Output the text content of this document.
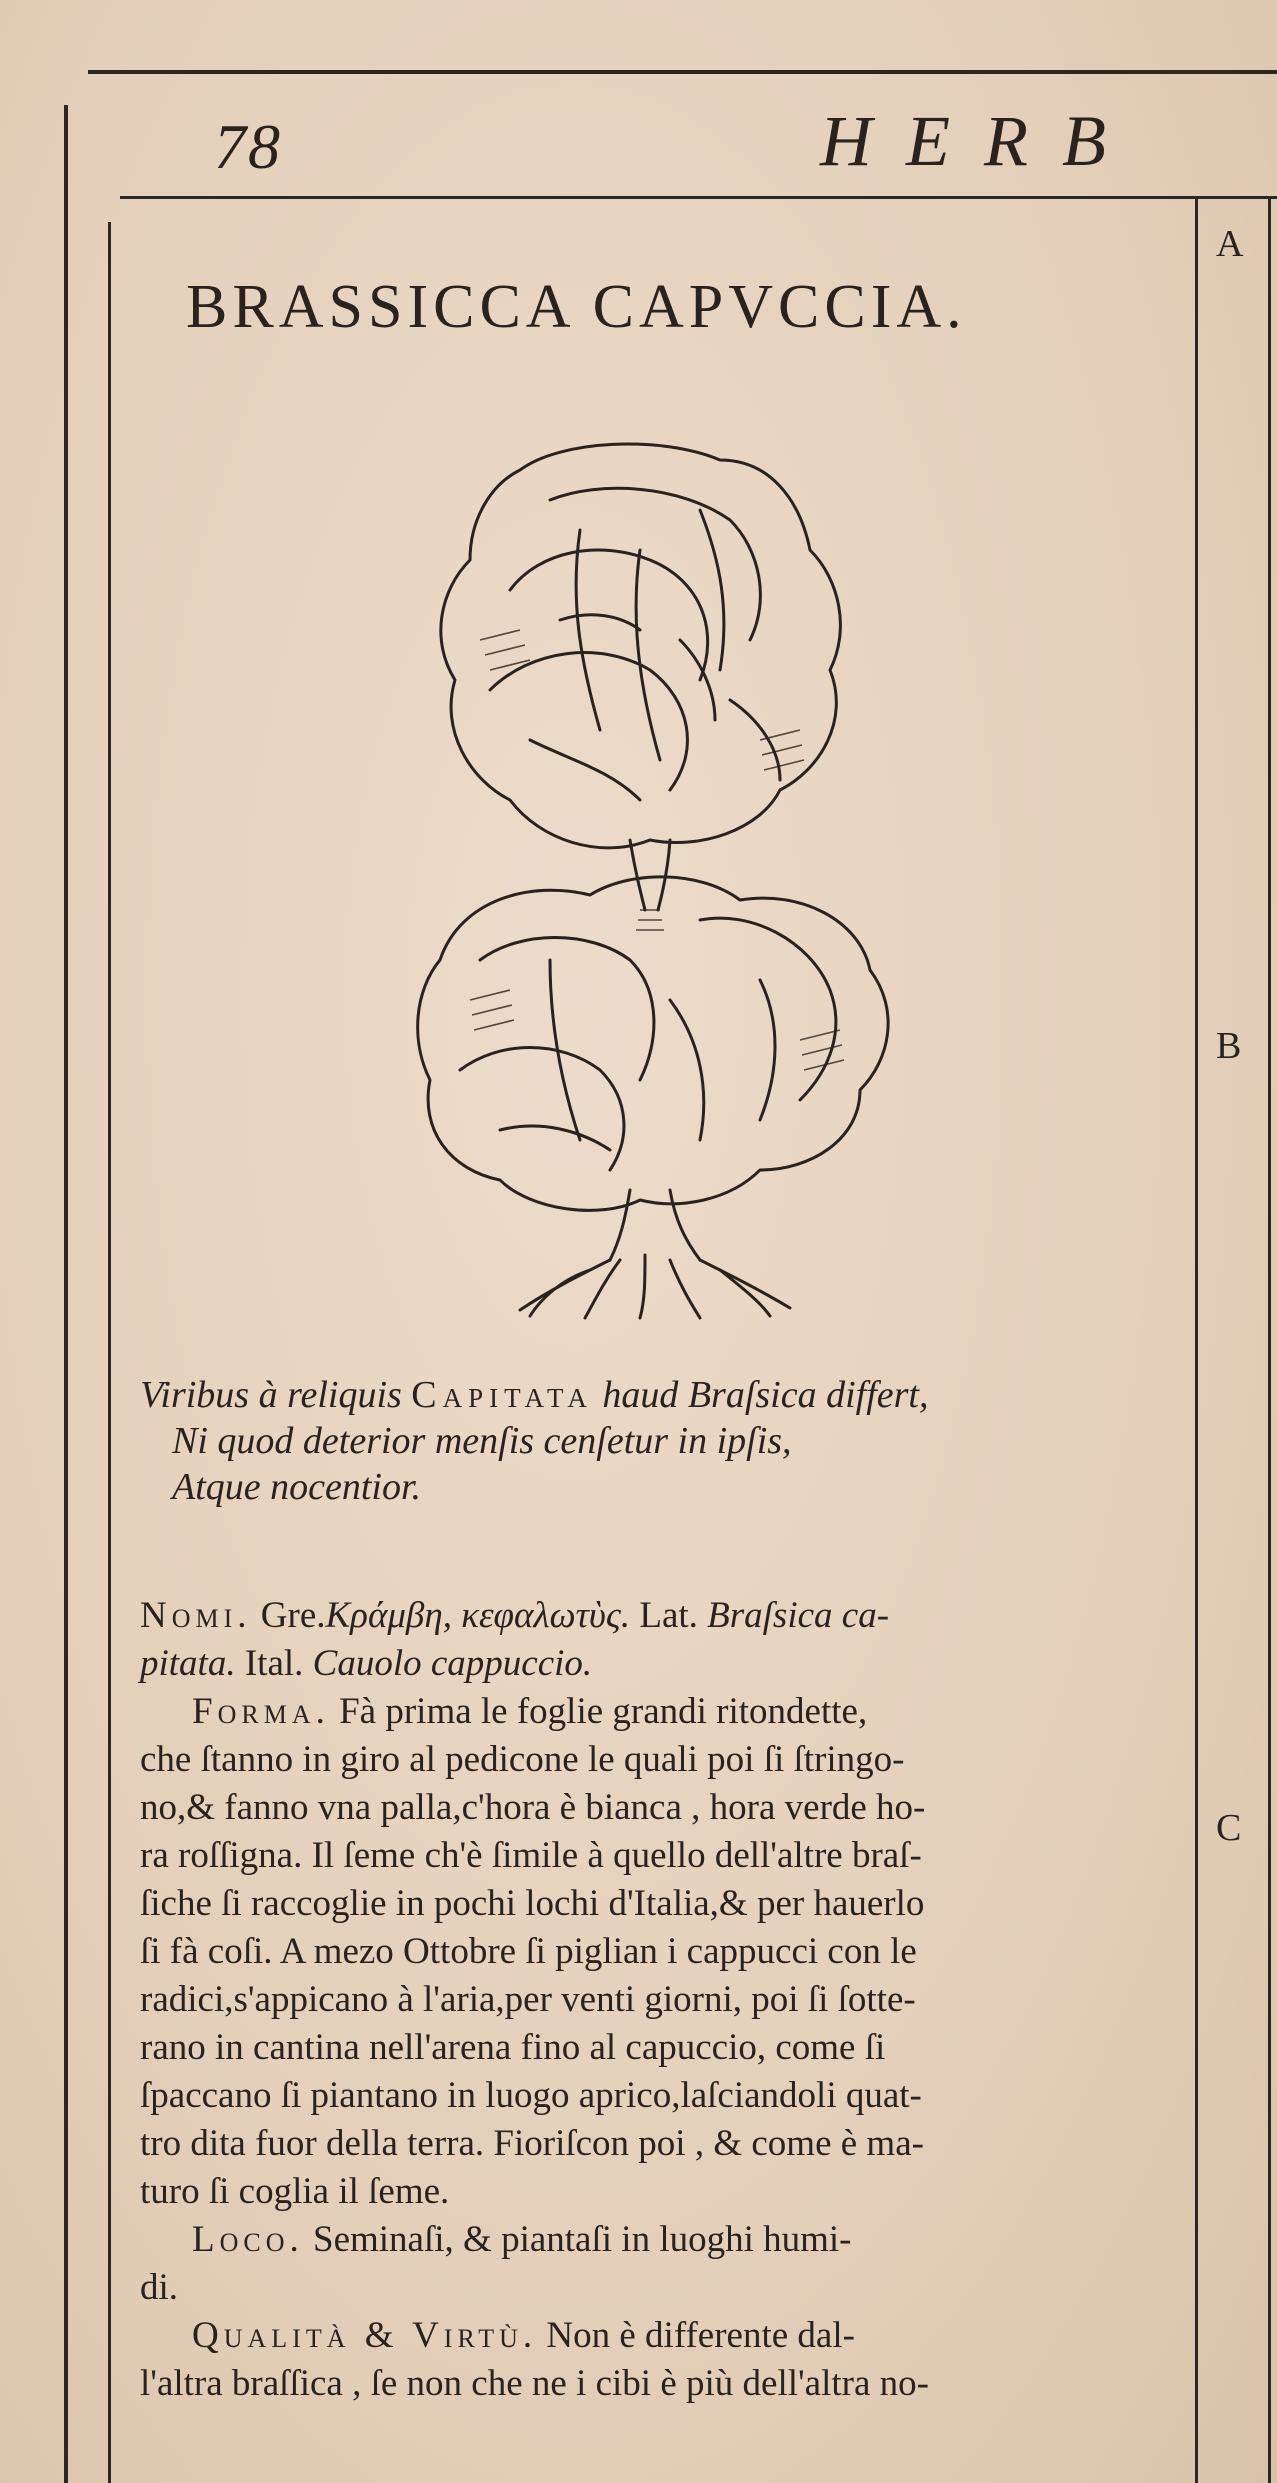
78	HERB
A
B
C
BRASSICCA CAPVCCIA.
Viribus à reliquis Capitata haud Braſsica differt,
Ni quod deterior menſis cenſetur in ipſis,
Atque nocentior.
Nomi. Gre.Κράμβη, κεφαλωτὺς. Lat. Braſsica ca-
pitata. Ital. Cauolo cappuccio.
Forma. Fà prima le foglie grandi ritondette,
che ſtanno in giro al pedicone le quali poi ſi ſtringo-
no,& fanno vna palla,c'hora è bianca , hora verde ho-
ra roſſigna. Il ſeme ch'è ſimile à quello dell'altre braſ-
ſiche ſi raccoglie in pochi lochi d'Italia,& per hauerlo
ſi fà coſi. A mezo Ottobre ſi piglian i cappucci con le
radici,s'appicano à l'aria,per venti giorni, poi ſi ſotte-
rano in cantina nell'arena fino al capuccio, come ſi
ſpaccano ſi piantano in luogo aprico,laſciandoli quat-
tro dita fuor della terra. Fioriſcon poi , & come è ma-
turo ſi coglia il ſeme.
Loco. Seminaſi, & piantaſi in luoghi humi-
di.
Qualità & Virtù. Non è differente dal-
l'altra braſſica , ſe non che ne i cibi è più dell'altra no-
